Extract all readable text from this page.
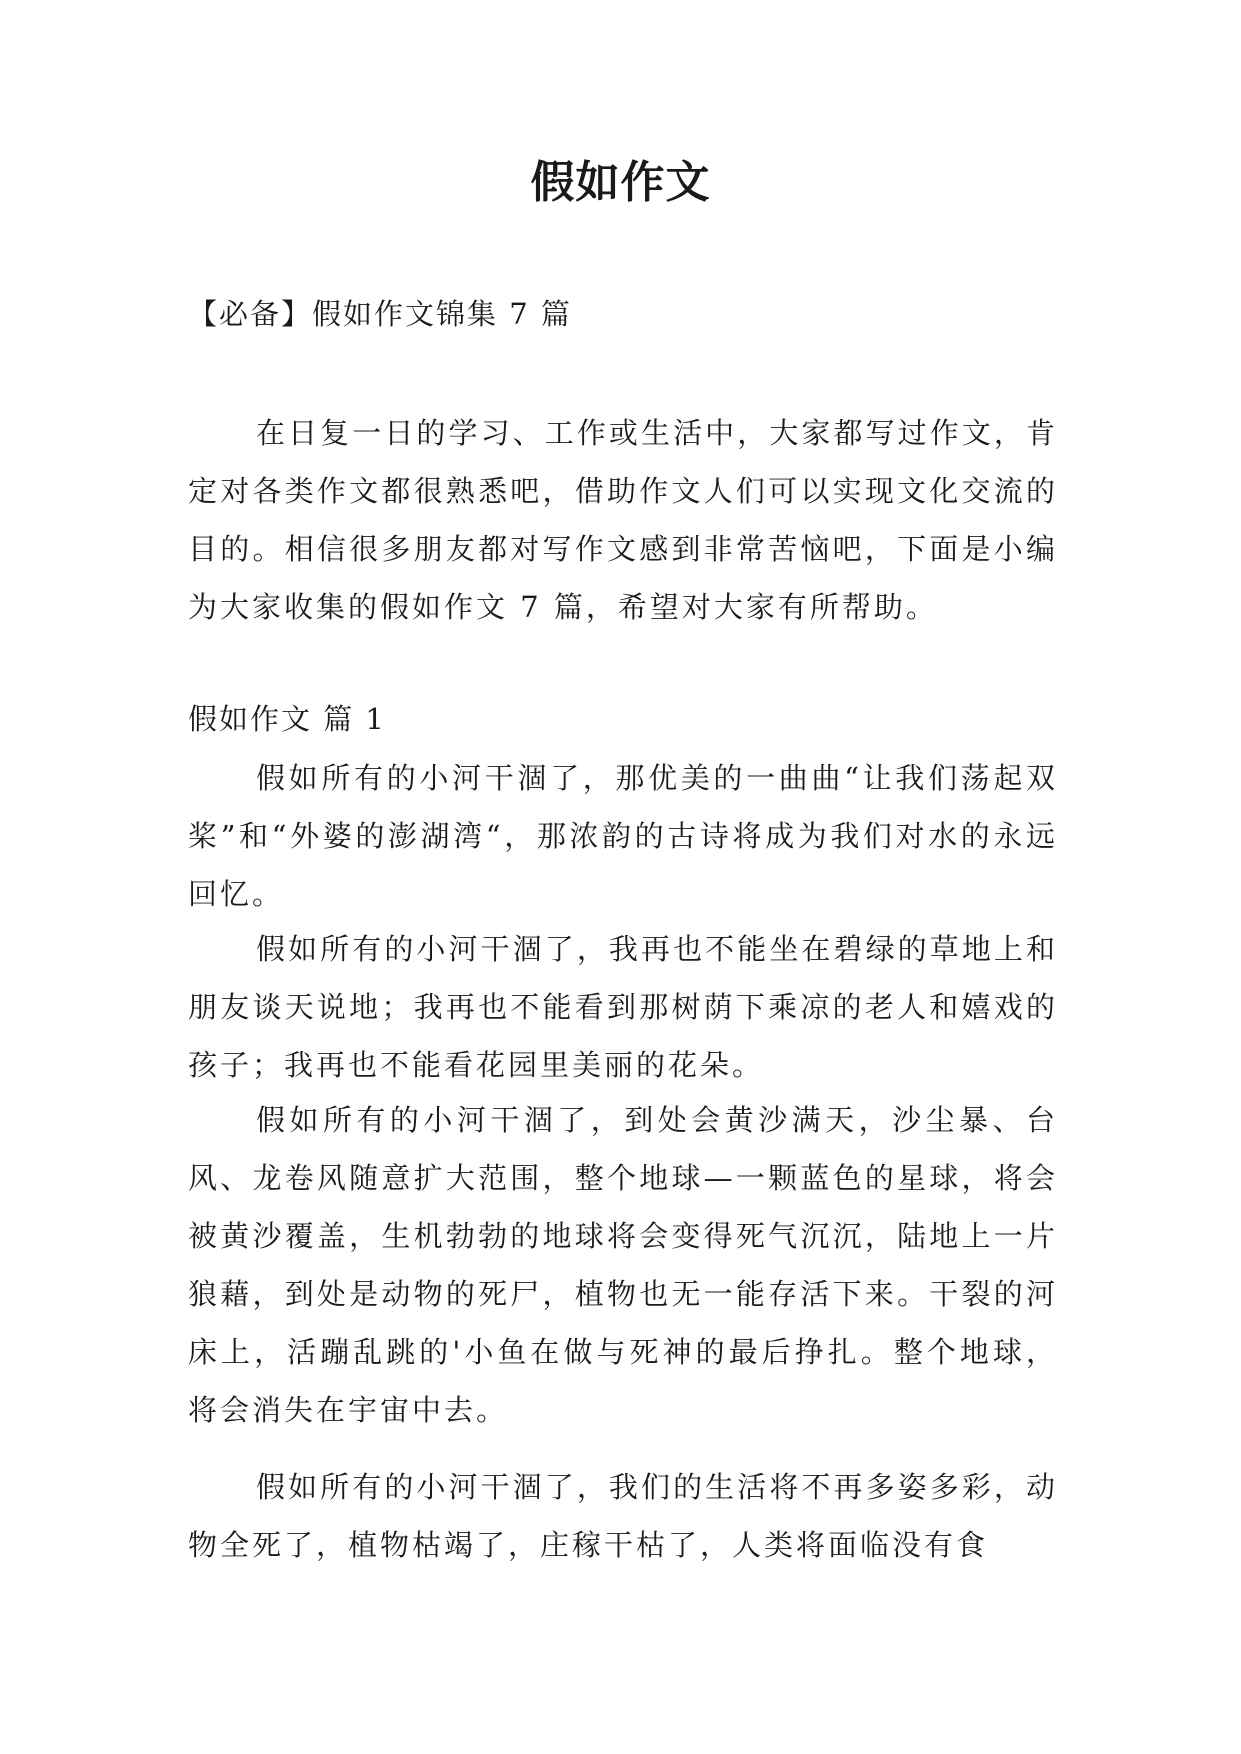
假如作文

【必备】假如作文锦集 7 篇

在日复一日的学习、工作或生活中，大家都写过作文，肯定对各类作文都很熟悉吧，借助作文人们可以实现文化交流的目的。相信很多朋友都对写作文感到非常苦恼吧，下面是小编为大家收集的假如作文 7 篇，希望对大家有所帮助。

假如作文 篇 1

假如所有的小河干涸了，那优美的一曲曲“让我们荡起双桨”和“外婆的澎湖湾“，那浓韵的古诗将成为我们对水的永远回忆。

假如所有的小河干涸了，我再也不能坐在碧绿的草地上和朋友谈天说地；我再也不能看到那树荫下乘凉的老人和嬉戏的孩子；我再也不能看花园里美丽的花朵。

假如所有的小河干涸了，到处会黄沙满天，沙尘暴、台风、龙卷风随意扩大范围，整个地球—一颗蓝色的星球，将会被黄沙覆盖，生机勃勃的地球将会变得死气沉沉，陆地上一片狼藉，到处是动物的死尸，植物也无一能存活下来。干裂的河床上，活蹦乱跳的'小鱼在做与死神的最后挣扎。整个地球，将会消失在宇宙中去。

假如所有的小河干涸了，我们的生活将不再多姿多彩，动物全死了，植物枯竭了，庄稼干枯了，人类将面临没有食
